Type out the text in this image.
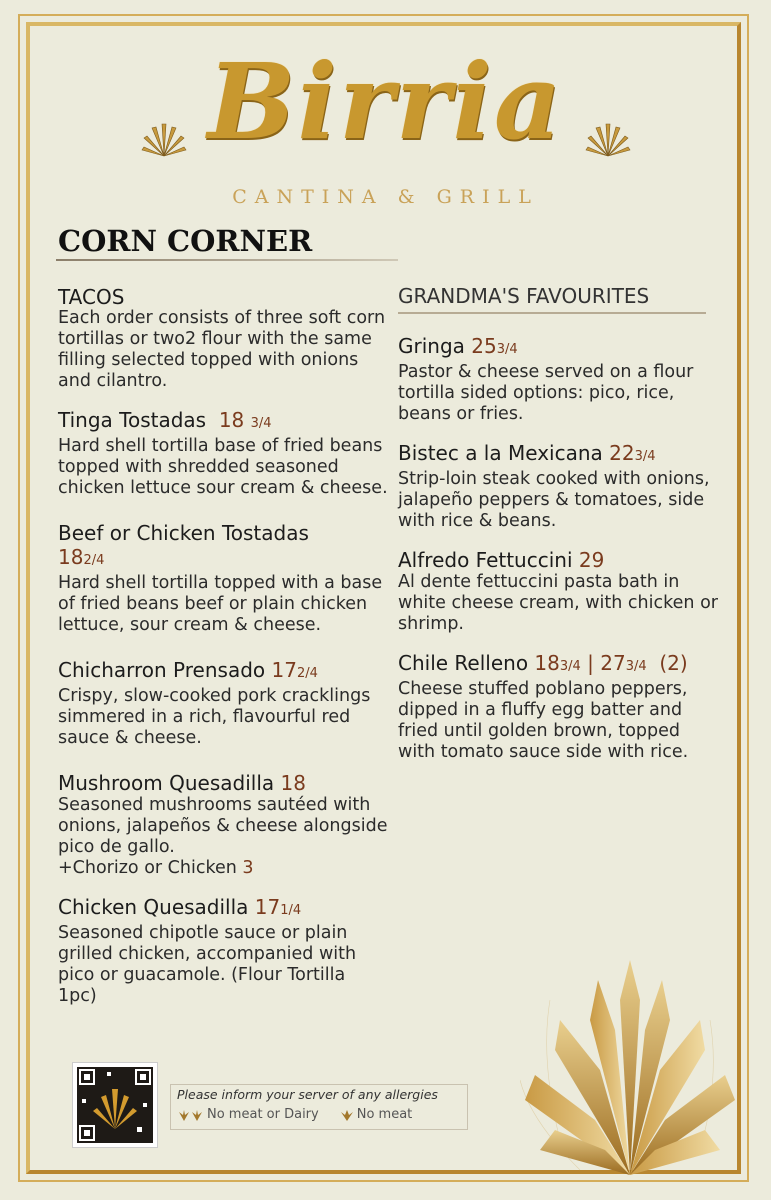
Birria
CANTINA & GRILL
CORN CORNER
TACOS
Each order consists of three soft corn tortillas or two2 flour with the same filling selected topped with onions and cilantro.
Tinga Tostadas 18 3/4
Hard shell tortilla base of fried beans topped with shredded seasoned chicken lettuce sour cream & cheese.
Beef or Chicken Tostadas
182/4
Hard shell tortilla topped with a base of fried beans beef or plain chicken lettuce, sour cream & cheese.
Chicharron Prensado 172/4
Crispy, slow-cooked pork cracklings simmered in a rich, flavourful red sauce & cheese.
Mushroom Quesadilla 18
Seasoned mushrooms sautéed with onions, jalapeños & cheese alongside pico de gallo.
+Chorizo or Chicken 3
Chicken Quesadilla 171/4
Seasoned chipotle sauce or plain grilled chicken, accompanied with pico or guacamole. (Flour Tortilla 1pc)
GRANDMA'S FAVOURITES
Gringa 253/4
Pastor & cheese served on a flour tortilla sided options: pico, rice, beans or fries.
Bistec a la Mexicana 223/4
Strip-loin steak cooked with onions, jalapeño peppers & tomatoes, side with rice & beans.
Alfredo Fettuccini 29
Al dente fettuccini pasta bath in white cheese cream, with chicken or shrimp.
Chile Relleno 183/4 | 273/4 (2)
Cheese stuffed poblano peppers, dipped in a fluffy egg batter and fried until golden brown, topped with tomato sauce side with rice.
Please inform your server of any allergies
No meat or Dairy	No meat
